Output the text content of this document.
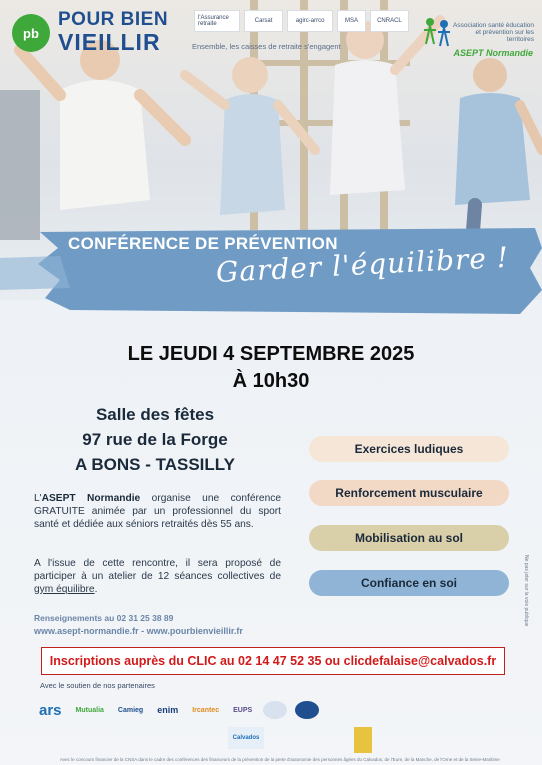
pb
POUR BIEN
VIEILLIR
l'Assurance retraite	Carsat	agirc-arrco	MSA	CNRACL
Ensemble, les caisses de retraite s'engagent
Association santé éducation et prévention sur les territoires
ASEPT Normandie
CONFÉRENCE DE PRÉVENTION
Garder l'équilibre !
LE JEUDI 4 SEPTEMBRE 2025
À 10h30
Salle des fêtes
97 rue de la Forge
A BONS - TASSILLY
L'ASEPT Normandie organise une conférence GRATUITE animée par un professionnel du sport santé et dédiée aux séniors retraités dès 55 ans.
A l'issue de cette rencontre, il sera proposé de participer à un atelier de 12 séances collectives de gym équilibre.
Exercices ludiques
Renforcement musculaire
Mobilisation au sol
Confiance en soi
Renseignements au 02 31 25 38 89
www.asept-normandie.fr - www.pourbienvieillir.fr
Inscriptions auprès du CLIC au 02 14 47 52 35 ou clicdefalaise@calvados.fr
Avec le soutien de nos partenaires
ars	Mutualia	Camieg	enim	Ircantec	EUPS
Calvados
Ne pas jeter sur la voie publique
Avec le concours financier de la CNSA dans le cadre des conférences des financeurs de la prévention de la perte d'autonomie des personnes âgées du Calvados, de l'Eure, de la Manche, de l'Orne et de la Seine-Maritime
